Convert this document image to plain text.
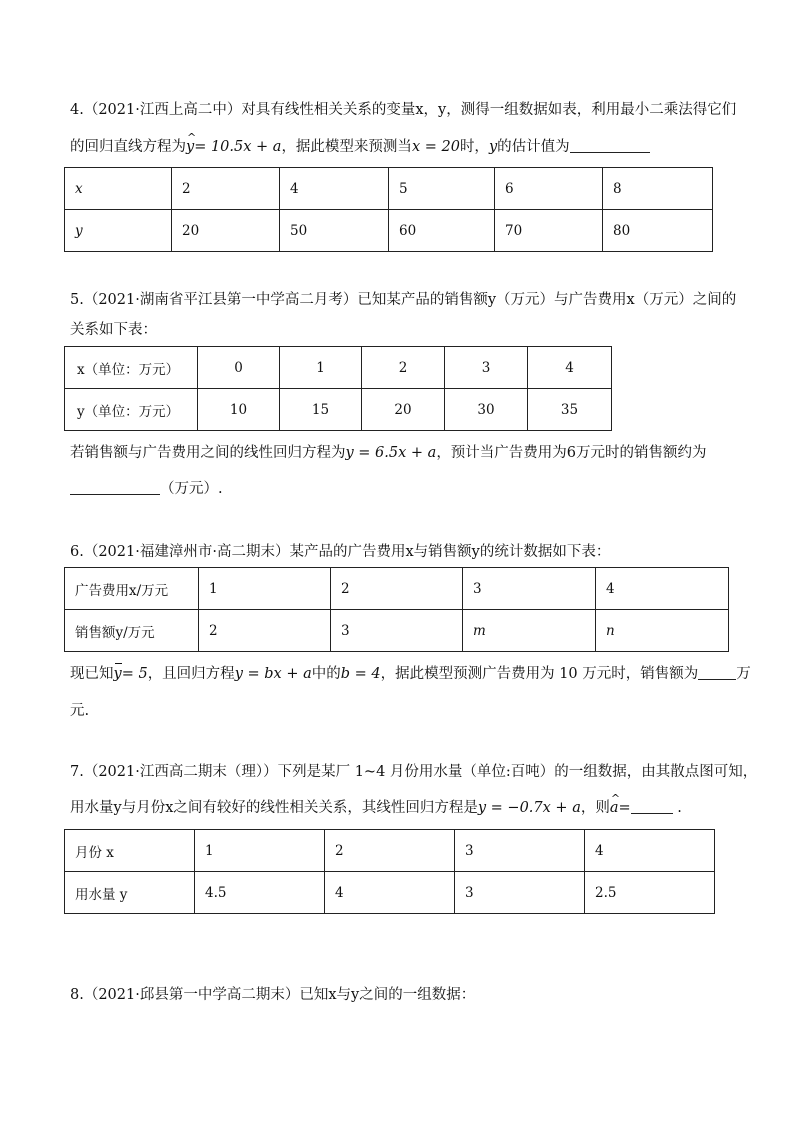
4.（2021·江西上高二中）对具有线性相关关系的变量x，y，测得一组数据如表，利用最小二乘法得它们
的回归直线方程为^ y= 10.5x + a，据此模型来预测当x = 20时，y的估计值为
x	2	4	5	6	8
y	20	50	60	70	80
5.（2021·湖南省平江县第一中学高二月考）已知某产品的销售额y（万元）与广告费用x（万元）之间的
关系如下表：
x（单位：万元）	0	1	2	3	4
y（单位：万元）	10	15	20	30	35
若销售额与广告费用之间的线性回归方程为y = 6.5x + a，预计当广告费用为6万元时的销售额约为
（万元）.
6.（2021·福建漳州市·高二期末）某产品的广告费用x与销售额y的统计数据如下表：
广告费用x/万元	1	2	3	4
销售额y/万元	2	3	m	n
现已知y= 5，且回归方程y = bx + a中的b = 4，据此模型预测广告费用为 10 万元时，销售额为	万
元.
7.（2021·江西高二期末（理））下列是某厂 1~4 月份用水量（单位:百吨）的一组数据，由其散点图可知，
用水量y与月份x之间有较好的线性相关关系，其线性回归方程是y = −0.7x + a，则^ a=	.
月份 x	1	2	3	4
用水量 y	4.5	4	3	2.5
8.（2021·邱县第一中学高二期末）已知x与y之间的一组数据：
